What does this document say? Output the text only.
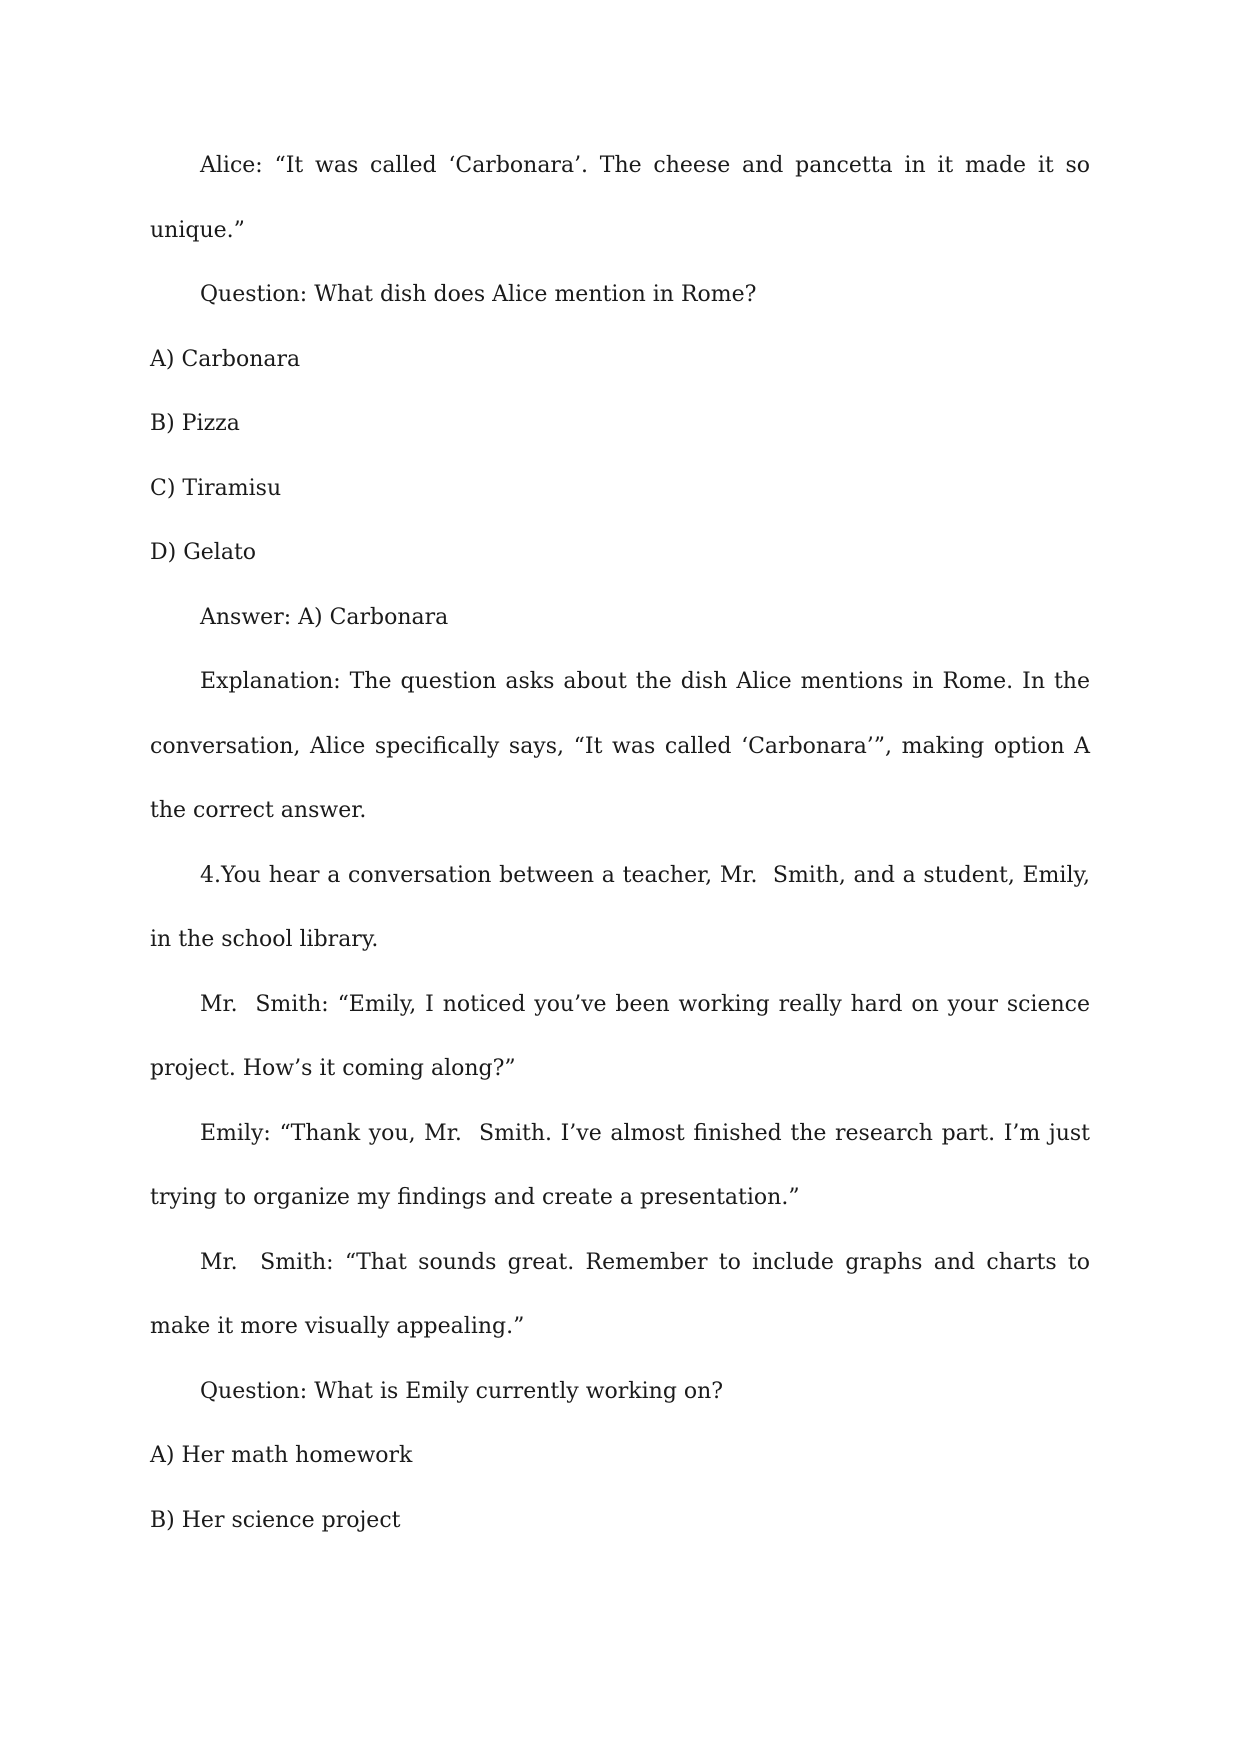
Alice: “It was called ‘Carbonara’. The cheese and pancetta in it made it so unique.”

Question: What dish does Alice mention in Rome?

A) Carbonara

B) Pizza

C) Tiramisu

D) Gelato

Answer: A) Carbonara

Explanation: The question asks about the dish Alice mentions in Rome. In the conversation, Alice specifically says, “It was called ‘Carbonara’”, making option A the correct answer.

4.You hear a conversation between a teacher, Mr.  Smith, and a student, Emily, in the school library.

Mr.  Smith: “Emily, I noticed you’ve been working really hard on your science project. How’s it coming along?”

Emily: “Thank you, Mr.  Smith. I’ve almost finished the research part. I’m just trying to organize my findings and create a presentation.”

Mr.  Smith: “That sounds great. Remember to include graphs and charts to make it more visually appealing.”

Question: What is Emily currently working on?

A) Her math homework

B) Her science project
